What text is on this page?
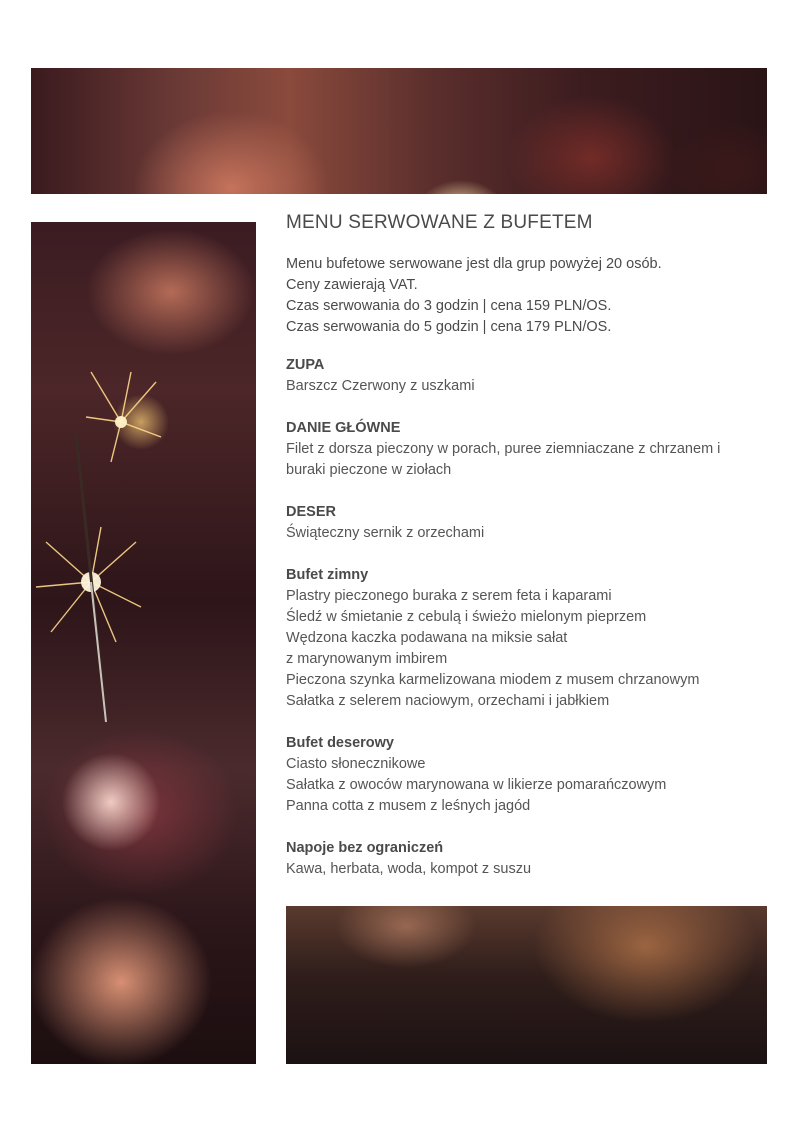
MENU SERWOWANE Z BUFETEM
Menu bufetowe serwowane jest dla grup powyżej 20 osób.
Ceny zawierają VAT.
Czas serwowania do 3 godzin | cena 159 PLN/OS.
Czas serwowania do 5 godzin | cena 179 PLN/OS.
ZUPA
Barszcz Czerwony z uszkami
DANIE GŁÓWNE
Filet z dorsza pieczony w porach, puree ziemniaczane z chrzanem i
buraki pieczone w ziołach
DESER
Świąteczny sernik z orzechami
Bufet zimny
Plastry pieczonego buraka z serem feta i kaparami
Śledź w śmietanie z cebulą i świeżo mielonym pieprzem
Wędzona kaczka podawana na miksie sałat
z marynowanym imbirem
Pieczona szynka karmelizowana miodem z musem chrzanowym
Sałatka z selerem naciowym, orzechami i jabłkiem
Bufet deserowy
Ciasto słonecznikowe
Sałatka z owoców marynowana w likierze pomarańczowym
Panna cotta z musem z leśnych jagód
Napoje bez ograniczeń
Kawa, herbata, woda, kompot z suszu
